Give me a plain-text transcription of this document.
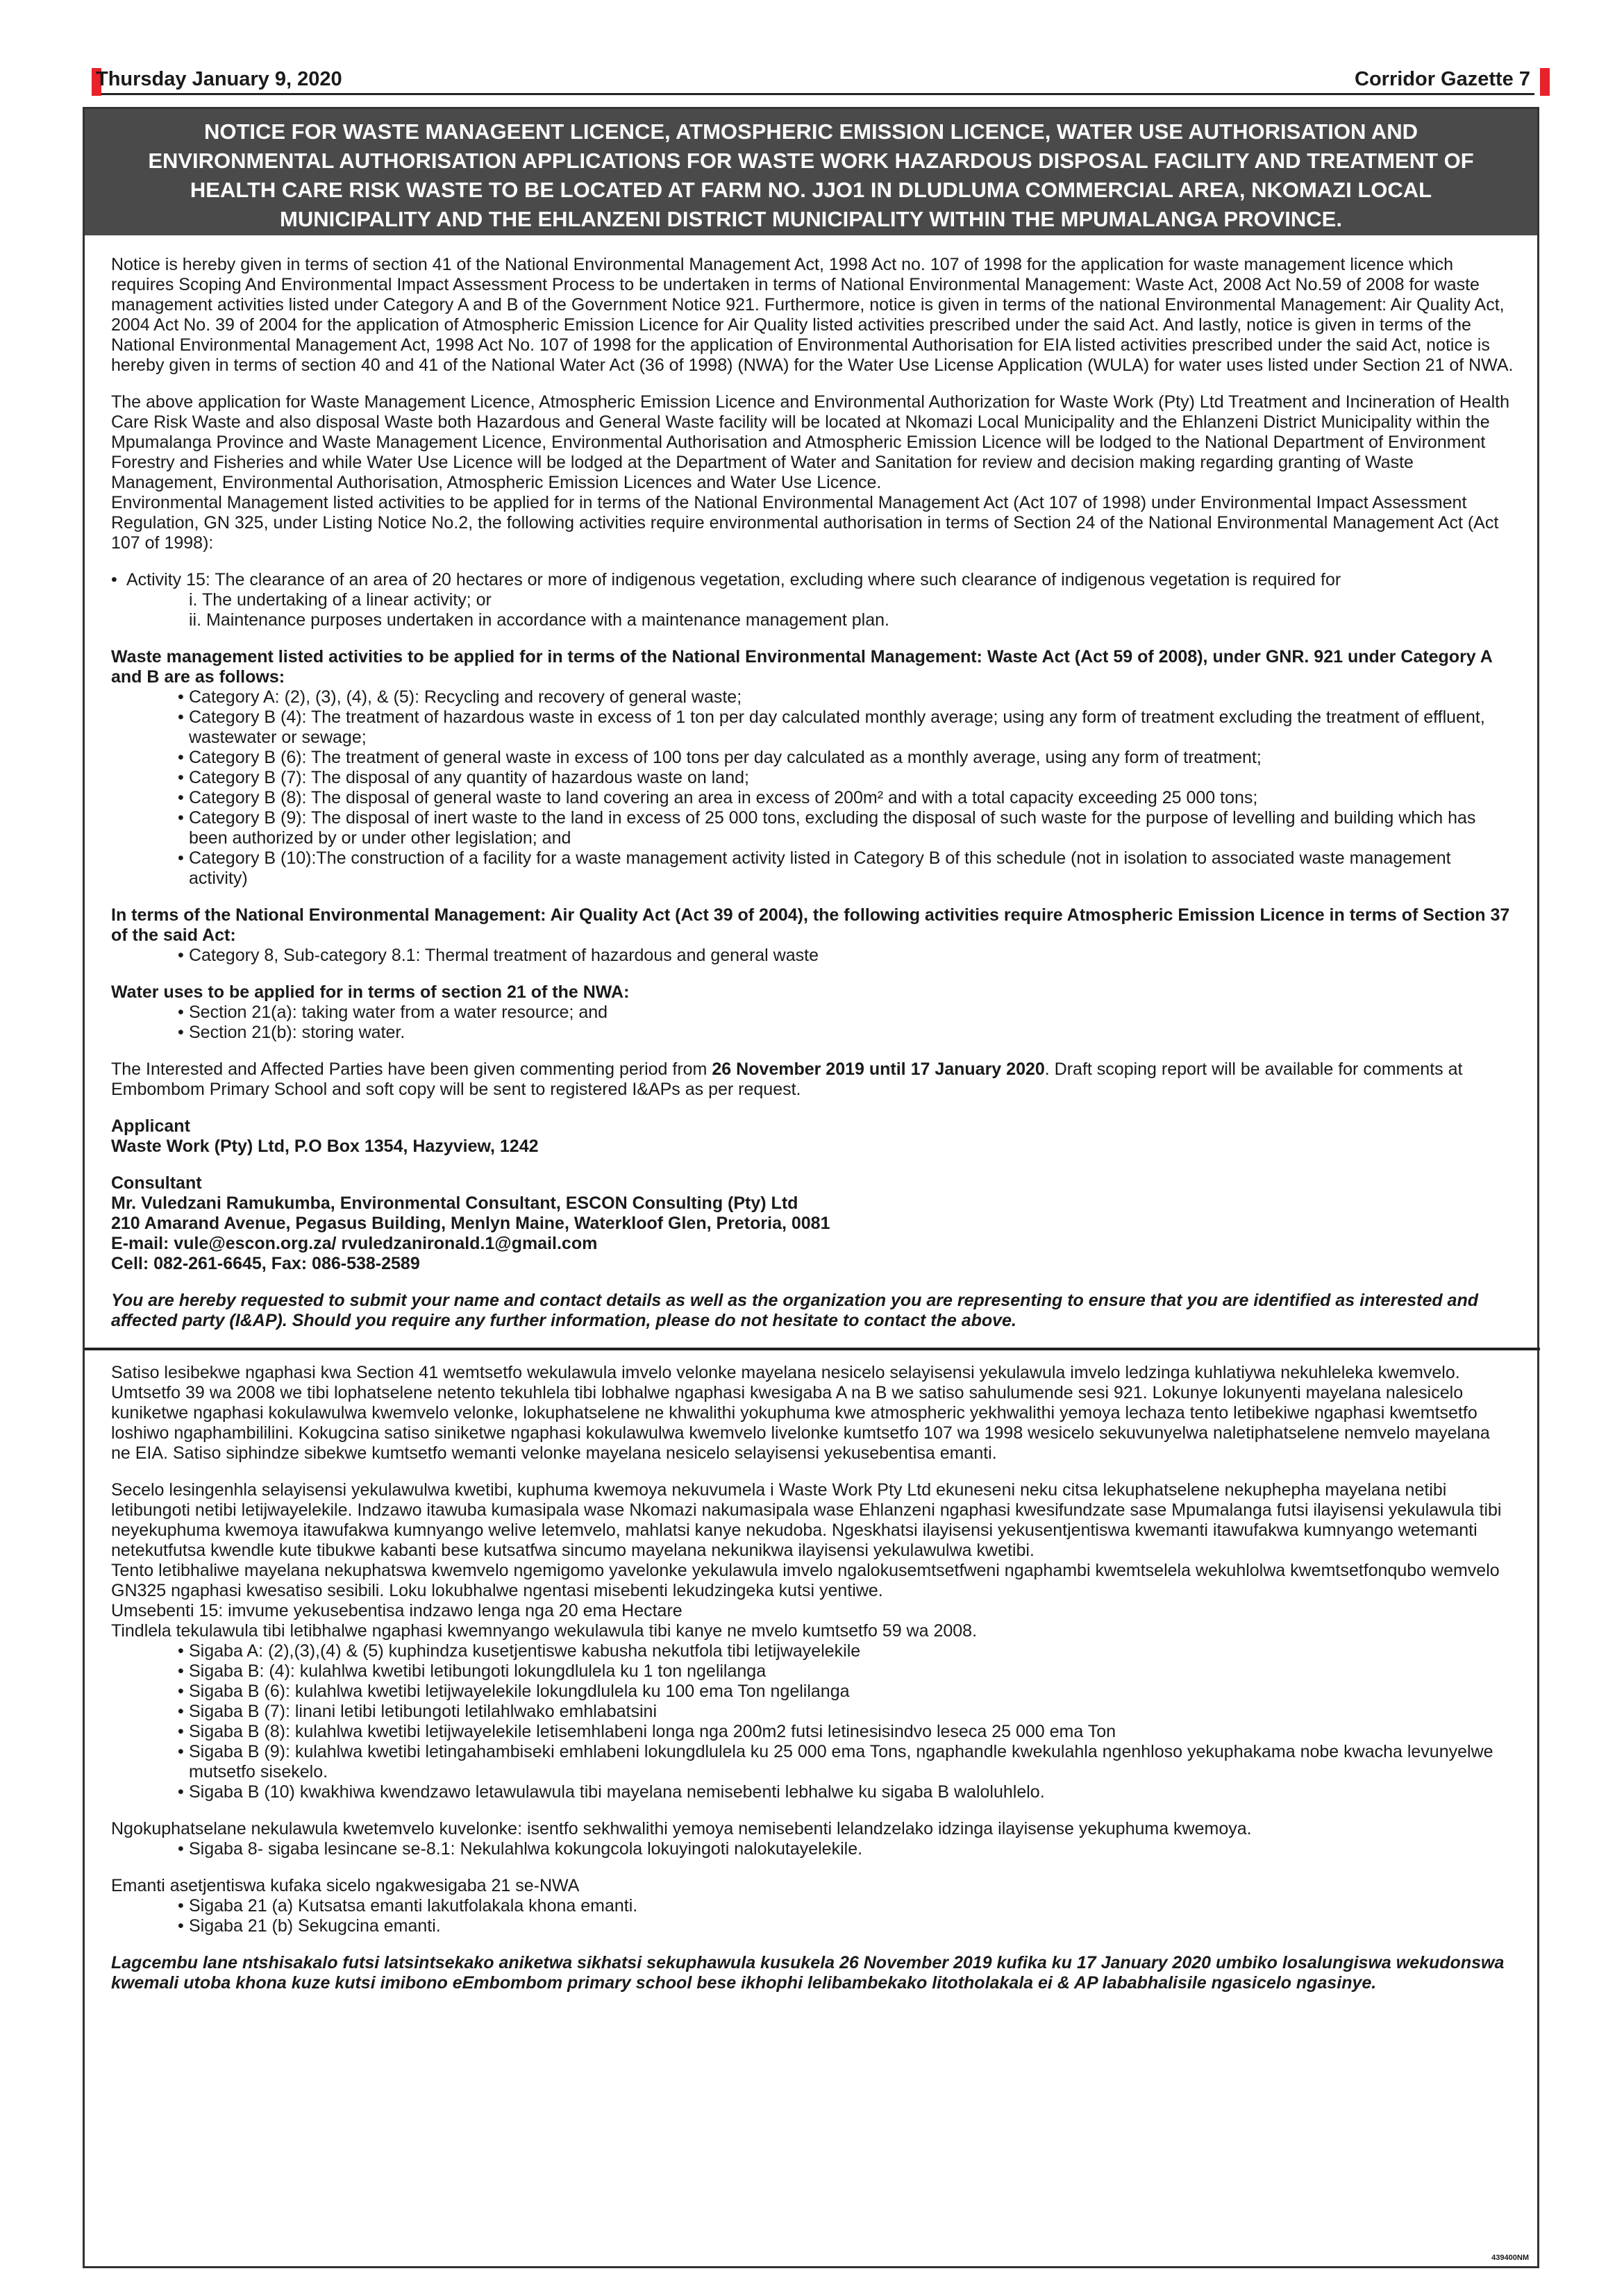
Thursday January 9, 2020	Corridor Gazette 7
NOTICE FOR WASTE MANAGEENT LICENCE, ATMOSPHERIC EMISSION LICENCE, WATER USE AUTHORISATION AND ENVIRONMENTAL AUTHORISATION APPLICATIONS FOR WASTE WORK HAZARDOUS DISPOSAL FACILITY AND TREATMENT OF HEALTH CARE RISK WASTE TO BE LOCATED AT FARM NO. JJO1 IN DLUDLUMA COMMERCIAL AREA, NKOMAZI LOCAL MUNICIPALITY AND THE EHLANZENI DISTRICT MUNICIPALITY WITHIN THE MPUMALANGA PROVINCE.

Notice is hereby given in terms of section 41 of the National Environmental Management Act, 1998 Act no. 107 of 1998 for the application for waste management licence which requires Scoping And Environmental Impact Assessment Process to be undertaken in terms of National Environmental Management: Waste Act, 2008 Act No.59 of 2008 for waste management activities listed under Category A and B of the Government Notice 921. Furthermore, notice is given in terms of the national Environmental Management: Air Quality Act, 2004 Act No. 39 of 2004 for the application of Atmospheric Emission Licence for Air Quality listed activities prescribed under the said Act. And lastly, notice is given in terms of the National Environmental Management Act, 1998 Act No. 107 of 1998 for the application of Environmental Authorisation for EIA listed activities prescribed under the said Act, notice is hereby given in terms of section 40 and 41 of the National Water Act (36 of 1998) (NWA) for the Water Use License Application (WULA) for water uses listed under Section 21 of NWA.

The above application for Waste Management Licence, Atmospheric Emission Licence and Environmental Authorization for Waste Work (Pty) Ltd Treatment and Incineration of Health Care Risk Waste and also disposal Waste both Hazardous and General Waste facility will be located at Nkomazi Local Municipality and the Ehlanzeni District Municipality within the Mpumalanga Province and Waste Management Licence, Environmental Authorisation and Atmospheric Emission Licence will be lodged to the National Department of Environment Forestry and Fisheries and while Water Use Licence will be lodged at the Department of Water and Sanitation for review and decision making regarding granting of Waste Management, Environmental Authorisation, Atmospheric Emission Licences and Water Use Licence.

Environmental Management listed activities to be applied for in terms of the National Environmental Management Act (Act 107 of 1998) under Environmental Impact Assessment Regulation, GN 325, under Listing Notice No.2, the following activities require environmental authorisation in terms of Section 24 of the National Environmental Management Act (Act 107 of 1998):

• Activity 15: The clearance of an area of 20 hectares or more of indigenous vegetation, excluding where such clearance of indigenous vegetation is required for
i. The undertaking of a linear activity; or
ii. Maintenance purposes undertaken in accordance with a maintenance management plan.
Waste management listed activities to be applied for in terms of the National Environmental Management: Waste Act (Act 59 of 2008), under GNR. 921 under Category A and B are as follows:
• Category A: (2), (3), (4), & (5): Recycling and recovery of general waste;
• Category B (4): The treatment of hazardous waste in excess of 1 ton per day calculated monthly average; using any form of treatment excluding the treatment of effluent, wastewater or sewage;
• Category B (6): The treatment of general waste in excess of 100 tons per day calculated as a monthly average, using any form of treatment;
• Category B (7): The disposal of any quantity of hazardous waste on land;
• Category B (8): The disposal of general waste to land covering an area in excess of 200m² and with a total capacity exceeding 25 000 tons;
• Category B (9): The disposal of inert waste to the land in excess of 25 000 tons, excluding the disposal of such waste for the purpose of levelling and building which has been authorized by or under other legislation; and
• Category B (10):The construction of a facility for a waste management activity listed in Category B of this schedule (not in isolation to associated waste management activity)
In terms of the National Environmental Management: Air Quality Act (Act 39 of 2004), the following activities require Atmospheric Emission Licence in terms of Section 37 of the said Act:
• Category 8, Sub-category 8.1: Thermal treatment of hazardous and general waste
Water uses to be applied for in terms of section 21 of the NWA:
• Section 21(a): taking water from a water resource; and
• Section 21(b): storing water.

The Interested and Affected Parties have been given commenting period from 26 November 2019 until 17 January 2020. Draft scoping report will be available for comments at Embombom Primary School and soft copy will be sent to registered I&APs as per request.

Applicant

Waste Work (Pty) Ltd, P.O Box 1354, Hazyview, 1242

Consultant
Mr. Vuledzani Ramukumba, Environmental Consultant, ESCON Consulting (Pty) Ltd
210 Amarand Avenue, Pegasus Building, Menlyn Maine, Waterkloof Glen, Pretoria, 0081
E-mail: vule@escon.org.za/ rvuledzanironald.1@gmail.com

Cell: 082-261-6645, Fax: 086-538-2589

You are hereby requested to submit your name and contact details as well as the organization you are representing to ensure that you are identified as interested and affected party (I&AP). Should you require any further information, please do not hesitate to contact the above.

Satiso lesibekwe ngaphasi kwa Section 41 wemtsetfo wekulawula imvelo velonke mayelana nesicelo selayisensi yekulawula imvelo ledzinga kuhlatiywa nekuhleleka kwemvelo. Umtsetfo 39 wa 2008 we tibi lophatselene netento tekuhlela tibi lobhalwe ngaphasi kwesigaba A na B we satiso sahulumende sesi 921. Lokunye lokunyenti mayelana nalesicelo kuniketwe ngaphasi kokulawulwa kwemvelo velonke, lokuphatselene ne khwalithi yokuphuma kwe atmospheric yekhwalithi yemoya lechaza tento letibekiwe ngaphasi kwemtsetfo loshiwo ngaphambililini. Kokugcina satiso siniketwe ngaphasi kokulawulwa kwemvelo livelonke kumtsetfo 107 wa 1998 wesicelo sekuvunyelwa naletiphatselene nemvelo mayelana ne EIA. Satiso siphindze sibekwe kumtsetfo wemanti velonke mayelana nesicelo selayisensi yekusebentisa emanti.

Secelo lesingenhla selayisensi yekulawulwa kwetibi, kuphuma kwemoya nekuvumela i Waste Work Pty Ltd ekuneseni neku citsa lekuphatselene nekuphepha mayelana netibi letibungoti netibi letijwayelekile. Indzawo itawuba kumasipala wase Nkomazi nakumasipala wase Ehlanzeni ngaphasi kwesifundzate sase Mpumalanga futsi ilayisensi yekulawula tibi neyekuphuma kwemoya itawufakwa kumnyango welive letemvelo, mahlatsi kanye nekudoba. Ngeskhatsi ilayisensi yekusentjentiswa kwemanti itawufakwa kumnyango wetemanti netekutfutsa kwendle kute tibukwe kabanti bese kutsatfwa sincumo mayelana nekunikwa ilayisensi yekulawulwa kwetibi.

Tento letibhaliwe mayelana nekuphatswa kwemvelo ngemigomo yavelonke yekulawula imvelo ngalokusemtsetfweni ngaphambi kwemtselela wekuhlolwa kwemtsetfonqubo wemvelo GN325 ngaphasi kwesatiso sesibili. Loku lokubhalwe ngentasi misebenti lekudzingeka kutsi yentiwe.
Umsebenti 15: imvume yekusebentisa indzawo lenga nga 20 ema Hectare
Tindlela tekulawula tibi letibhalwe ngaphasi kwemnyango wekulawula tibi kanye ne mvelo kumtsetfo 59 wa 2008.
• Sigaba A: (2),(3),(4) & (5) kuphindza kusetjentiswe kabusha nekutfola tibi letijwayelekile
• Sigaba B: (4): kulahlwa kwetibi letibungoti lokungdlulela ku 1 ton ngelilanga
• Sigaba B (6): kulahlwa kwetibi letijwayelekile lokungdlulela ku 100 ema Ton ngelilanga
• Sigaba B (7): linani letibi letibungoti letilahlwako emhlabatsini
• Sigaba B (8): kulahlwa kwetibi letijwayelekile letisemhlabeni longa nga 200m2 futsi letinesisindvo leseca 25 000 ema Ton
• Sigaba B (9): kulahlwa kwetibi letingahambiseki emhlabeni lokungdlulela ku 25 000 ema Tons, ngaphandle kwekulahla ngenhloso yekuphakama nobe kwacha levunyelwe mutsetfo sisekelo.
• Sigaba B (10) kwakhiwa kwendzawo letawulawula tibi mayelana nemisebenti lebhalwe ku sigaba B waloluhlelo.
Ngokuphatselane nekulawula kwetemvelo kuvelonke: isentfo sekhwalithi yemoya nemisebenti lelandzelako idzinga ilayisense yekuphuma kwemoya.
• Sigaba 8- sigaba lesincane se-8.1: Nekulahlwa kokungcola lokuyingoti nalokutayelekile.
Emanti asetjentiswa kufaka sicelo ngakwesigaba 21 se-NWA
• Sigaba 21 (a) Kutsatsa emanti lakutfolakala khona emanti.
• Sigaba 21 (b) Sekugcina emanti.

Lagcembu lane ntshisakalo futsi latsintsekako aniketwa sikhatsi sekuphawula kusukela 26 November 2019 kufika ku 17 January 2020 umbiko losalungiswa wekudonswa kwemali utoba khona kuze kutsi imibono eEmbombom primary school bese ikhophi lelibambekako litotholakala ei & AP lababhalisile ngasicelo ngasinye.

439400NM
